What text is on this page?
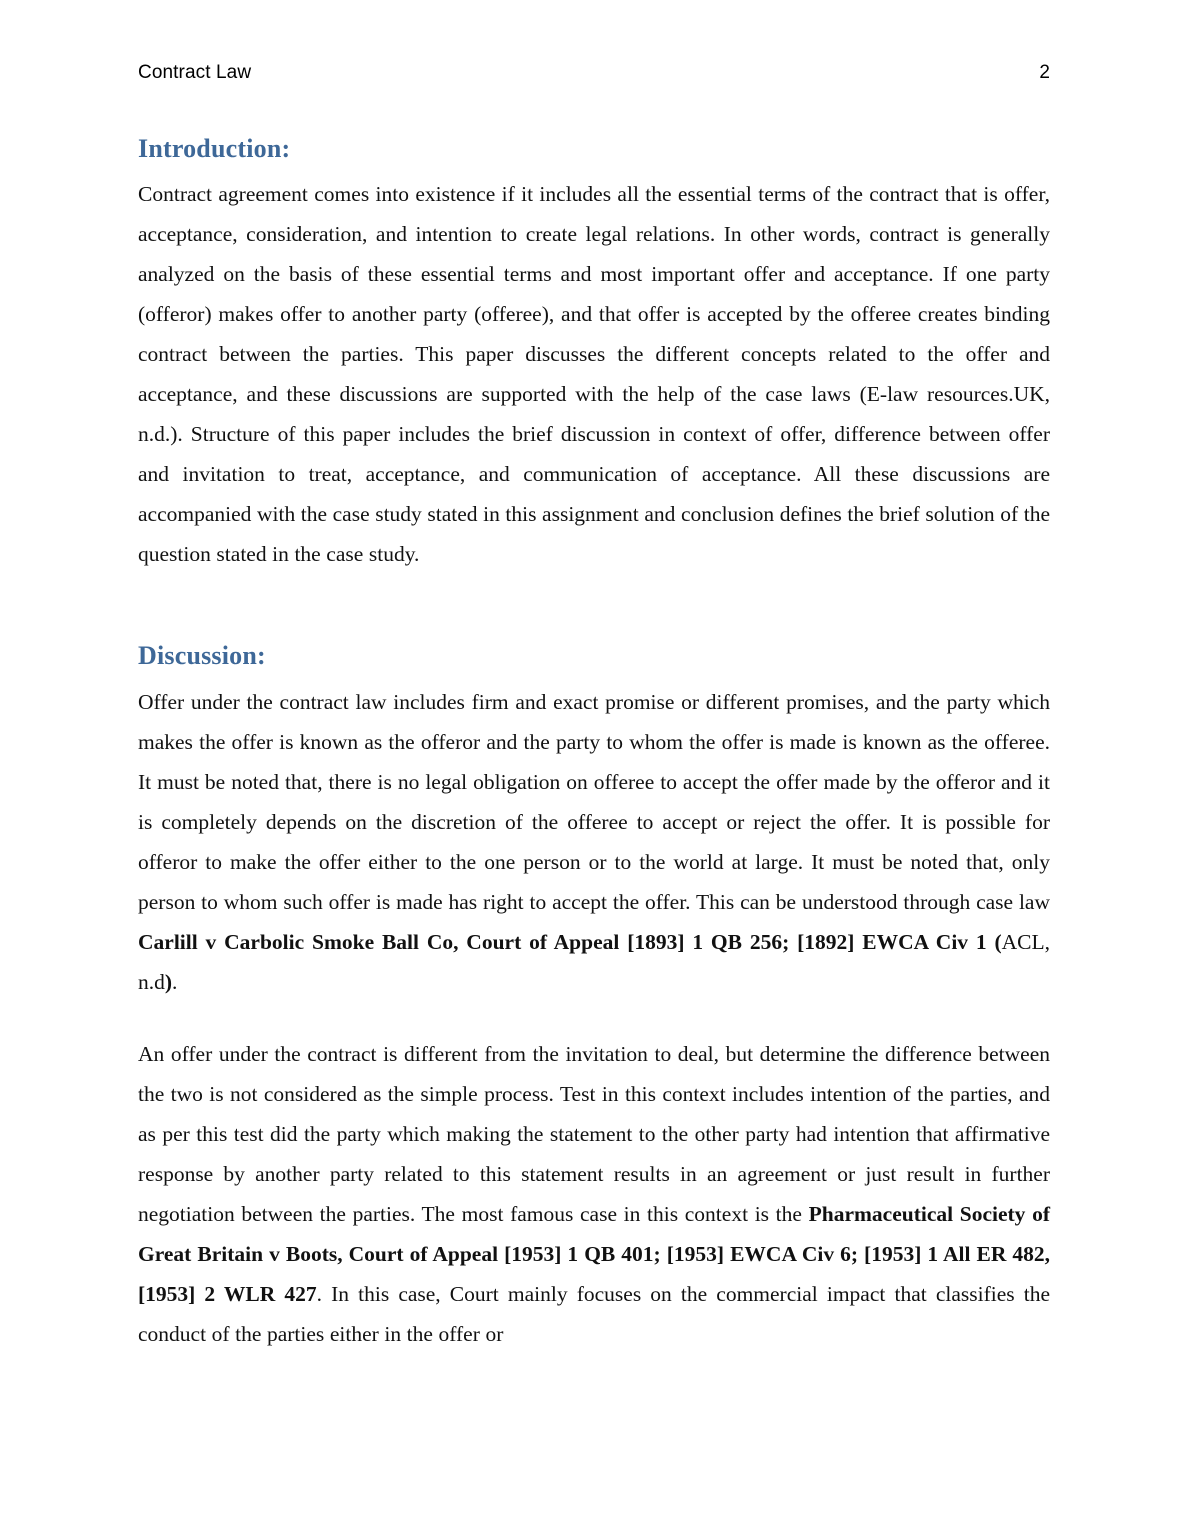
Contract Law	2
Introduction:

Contract agreement comes into existence if it includes all the essential terms of the contract that is offer, acceptance, consideration, and intention to create legal relations. In other words, contract is generally analyzed on the basis of these essential terms and most important offer and acceptance. If one party (offeror) makes offer to another party (offeree), and that offer is accepted by the offeree creates binding contract between the parties. This paper discusses the different concepts related to the offer and acceptance, and these discussions are supported with the help of the case laws (E-law resources.UK, n.d.). Structure of this paper includes the brief discussion in context of offer, difference between offer and invitation to treat, acceptance, and communication of acceptance. All these discussions are accompanied with the case study stated in this assignment and conclusion defines the brief solution of the question stated in the case study.

Discussion:

Offer under the contract law includes firm and exact promise or different promises, and the party which makes the offer is known as the offeror and the party to whom the offer is made is known as the offeree. It must be noted that, there is no legal obligation on offeree to accept the offer made by the offeror and it is completely depends on the discretion of the offeree to accept or reject the offer. It is possible for offeror to make the offer either to the one person or to the world at large. It must be noted that, only person to whom such offer is made has right to accept the offer. This can be understood through case law Carlill v Carbolic Smoke Ball Co, Court of Appeal [1893] 1 QB 256; [1892] EWCA Civ 1 (ACL, n.d).

An offer under the contract is different from the invitation to deal, but determine the difference between the two is not considered as the simple process. Test in this context includes intention of the parties, and as per this test did the party which making the statement to the other party had intention that affirmative response by another party related to this statement results in an agreement or just result in further negotiation between the parties. The most famous case in this context is the Pharmaceutical Society of Great Britain v Boots, Court of Appeal [1953] 1 QB 401; [1953] EWCA Civ 6; [1953] 1 All ER 482, [1953] 2 WLR 427. In this case, Court mainly focuses on the commercial impact that classifies the conduct of the parties either in the offer or
